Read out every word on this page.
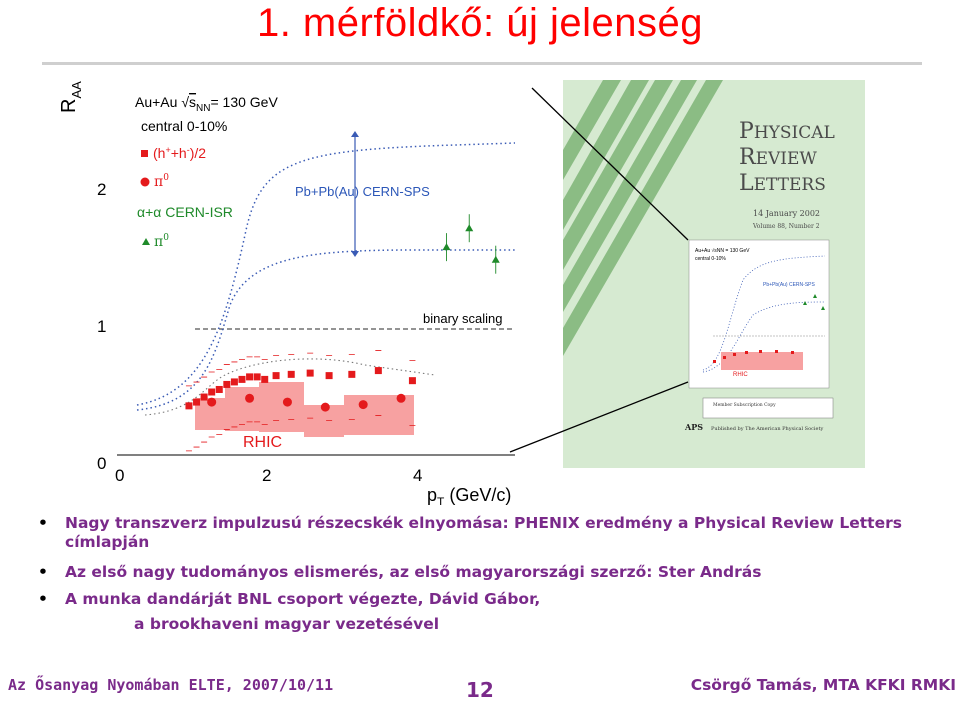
1. mérföldkő: új jelenség
$R_{AA}$
2
1
0
0	2	4
$p_T$ (GeV/c)
binary scaling
Pb+Pb(Au) CERN-SPS
RHIC
Au+Au $√s_{NN}= 130$ GeV
central 0-10%
(h++h-)/2
$\pi^0$
α+α CERN-ISR
$\pi^0$
PHYSICAL
REVIEW
LETTERS
14 January 2002
Volume 88, Number 2
Au+Au √sNN = 130 GeV
central 0-10%
Pb+Pb(Au) CERN-SPS
RHIC
Member Subscription Copy
APS Published by The American Physical Society
• Nagy transzverz impulzusú részecskék elnyomása: PHENIX eredmény a Physical Review Letters címlapján
• Az első nagy tudományos elismerés, az első magyarországi szerző: Ster András
• A munka dandárját BNL csoport végezte, Dávid Gábor,
a brookhaveni magyar vezetésével
Az Ősanyag Nyomában ELTE, 2007/10/11	12	Csörgő Tamás, MTA KFKI RMKI
